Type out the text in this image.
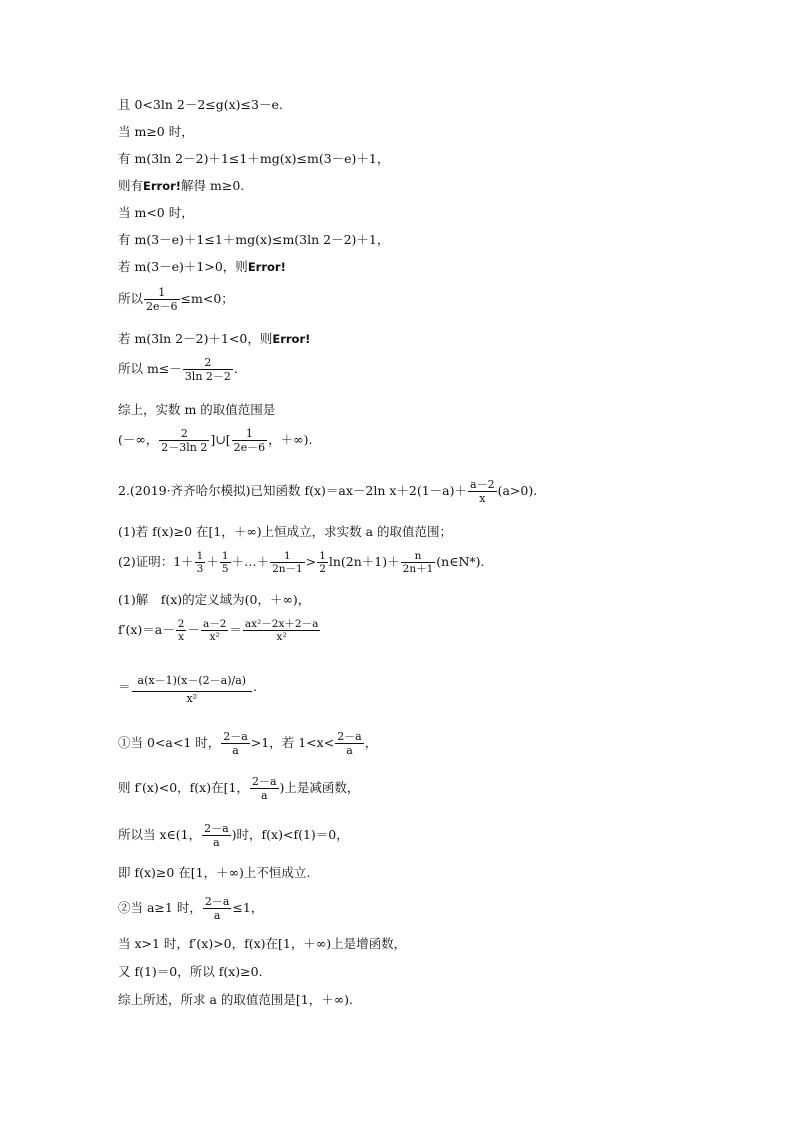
且 0<3ln 2－2≤g(x)≤3－e.
当 m≥0 时，
有 m(3ln 2－2)＋1≤1＋mg(x)≤m(3－e)＋1，
则有Error!解得 m≥0.
当 m<0 时，
有 m(3－e)＋1≤1＋mg(x)≤m(3ln 2－2)＋1，
若 m(3－e)＋1>0，则Error!
所以 $\frac{1}{2e-6} \le m<0$；
若 m(3ln 2－2)＋1<0，则Error!
所以 $m\le- \frac{2}{3\ln 2-2}$ .
综上，实数 m 的取值范围是
(－∞， $\frac{2}{2-3\ln 2}$ ]∪[ $\frac{1}{2e-6}$ ，＋∞).
2.(2019·齐齐哈尔模拟)已知函数 f(x)＝ax－2ln $x+2(1-a)+ \frac{a-2}{x} (a>0)$.
(1)若 f(x)≥0 在[1，＋∞)上恒成立，求实数 a 的取值范围；
(2)证明：$1+ \frac{1}{3} + \frac{1}{5}$ ＋…＋ $\frac{1}{2n-1} > \frac{1}{2} \ln(2n+1)+ \frac{n}{2n+1}$ (n∈N*).
(1)解　f(x)的定义域为(0，＋∞)，
$f'(x)=a- \frac{2}{x} - \frac{a-2}{\text{x²}} = \frac{\text{ax²－2x＋2－a}}{\text{x²}}$
＝ $\frac{a(x-1)(x-(2-a)/a)}{\text{x²}}$ .
①当 0<a<1 时， $\frac{2-a}{a} >1$，若 $1<x< \frac{2-a}{a}$ ，
则 f′(x)<0，f(x)在[1， $\frac{2-a}{a}$ )上是减函数，
所以当 x∈(1， $\frac{2-a}{a}$ )时，f(x)<f(1)＝0，
即 f(x)≥0 在[1，＋∞)上不恒成立.
②当 a≥1 时， $\frac{2-a}{a} \le 1$，
当 x>1 时，f′(x)>0，f(x)在[1，＋∞)上是增函数，
又 f(1)＝0，所以 f(x)≥0.
综上所述，所求 a 的取值范围是[1，＋∞).
